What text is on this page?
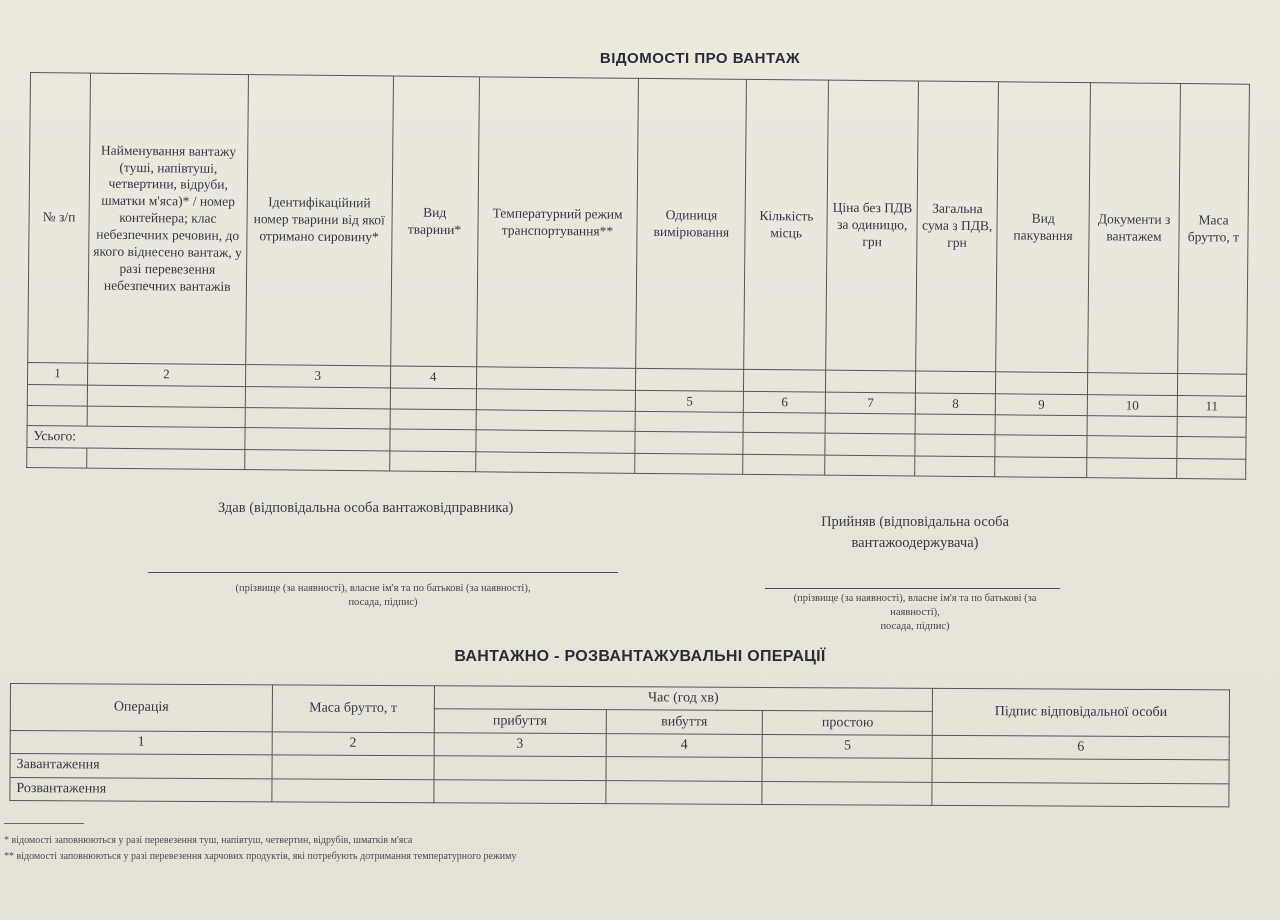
ВІДОМОСТІ ПРО ВАНТАЖ
№ з/п	Найменування вантажу (туші, напівтуші, четвертини, відруби, шматки м'яса)* / номер контейнера; клас небезпечних речовин, до якого віднесено вантаж, у разі перевезення небезпечних вантажів	Ідентифікаційний номер тварини від якої отримано сировину*	Вид тварини*	Температурний режим транспортування**	Одиниця вимірювання	Кількість місць	Ціна без ПДВ за одиницю, грн	Загальна сума з ПДВ, грн	Вид пакування	Документи з вантажем	Маса брутто, т
1	2	3	4								
					5	6	7	8	9	10	11

Усього:											

Здав (відповідальна особа вантажовідправника)
(прізвище (за наявності), власне ім'я та по батькові (за наявності),
посада, підпис)
Прийняв (відповідальна особа
вантажоодержувача)
(прізвище (за наявності), власне ім'я та по батькові (за
наявності),
посада, підпис)
ВАНТАЖНО - РОЗВАНТАЖУВАЛЬНІ ОПЕРАЦІЇ
Операція	Маса брутто, т	Час (год хв)			Підпис відповідальної особи
		прибуття	вибуття	простою	
1	2	3	4	5	6
Завантаження					
Розвантаження					
* відомості заповнюються у разі перевезення туш, напівтуш, четвертин, відрубів, шматків м'яса
** відомості заповнюються у разі перевезення харчових продуктів, які потребують дотримання температурного режиму
